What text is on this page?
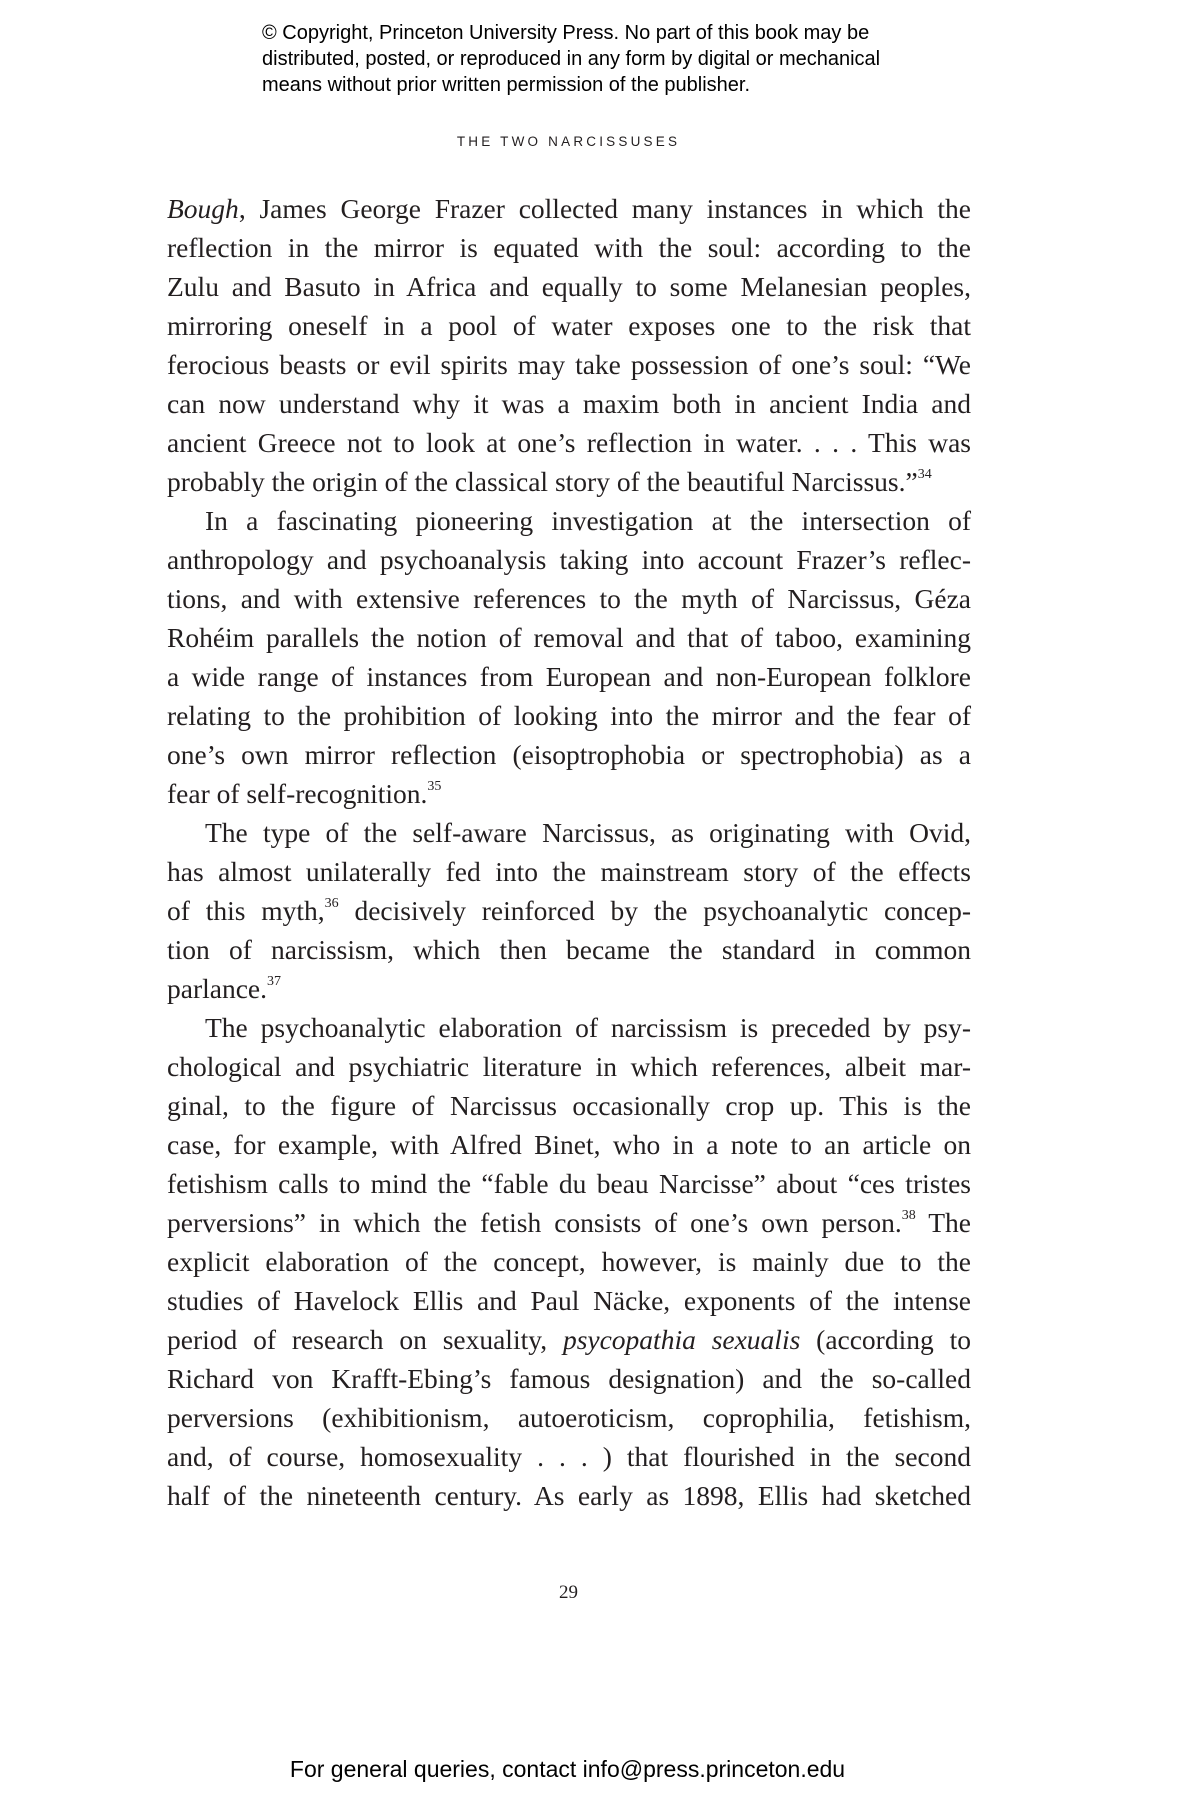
© Copyright, Princeton University Press. No part of this book may be

distributed, posted, or reproduced in any form by digital or mechanical

means without prior written permission of the publisher.

THE TWO NARCISSUSES

Bough, James George Frazer collected many instances in which the
reflection in the mirror is equated with the soul: according to the
Zulu and Basuto in Africa and equally to some Melanesian peoples,
mirroring oneself in a pool of water exposes one to the risk that
ferocious beasts or evil spirits may take possession of one’s soul: “We
can now understand why it was a maxim both in ancient India and
ancient Greece not to look at one’s reflection in water. . . . This was
probably the origin of the classical story of the beautiful Narcissus.”$^{34}$

In a fascinating pioneering investigation at the intersection of
anthropology and psychoanalysis taking into account Frazer’s reflec-
tions, and with extensive references to the myth of Narcissus, Géza
Rohéim parallels the notion of removal and that of taboo, examining
a wide range of instances from European and non-European folklore
relating to the prohibition of looking into the mirror and the fear of
one’s own mirror reflection (eisoptrophobia or spectrophobia) as a
fear of self-recognition.$^{35}$

The type of the self-aware Narcissus, as originating with Ovid,
has almost unilaterally fed into the mainstream story of the effects
of this myth,$^{36}$ decisively reinforced by the psychoanalytic concep-
tion of narcissism, which then became the standard in common
parlance.$^{37}$

The psychoanalytic elaboration of narcissism is preceded by psy-
chological and psychiatric literature in which references, albeit mar-
ginal, to the figure of Narcissus occasionally crop up. This is the
case, for example, with Alfred Binet, who in a note to an article on
fetishism calls to mind the “fable du beau Narcisse” about “ces tristes
perversions” in which the fetish consists of one’s own person.$^{38}$ The
explicit elaboration of the concept, however, is mainly due to the
studies of Havelock Ellis and Paul Näcke, exponents of the intense
period of research on sexuality, psycopathia sexualis (according to
Richard von Krafft-Ebing’s famous designation) and the so-called
perversions (exhibitionism, autoeroticism, coprophilia, fetishism,
and, of course, homosexuality . . . ) that flourished in the second
half of the nineteenth century. As early as 1898, Ellis had sketched

29
For general queries, contact info@press.princeton.edu
